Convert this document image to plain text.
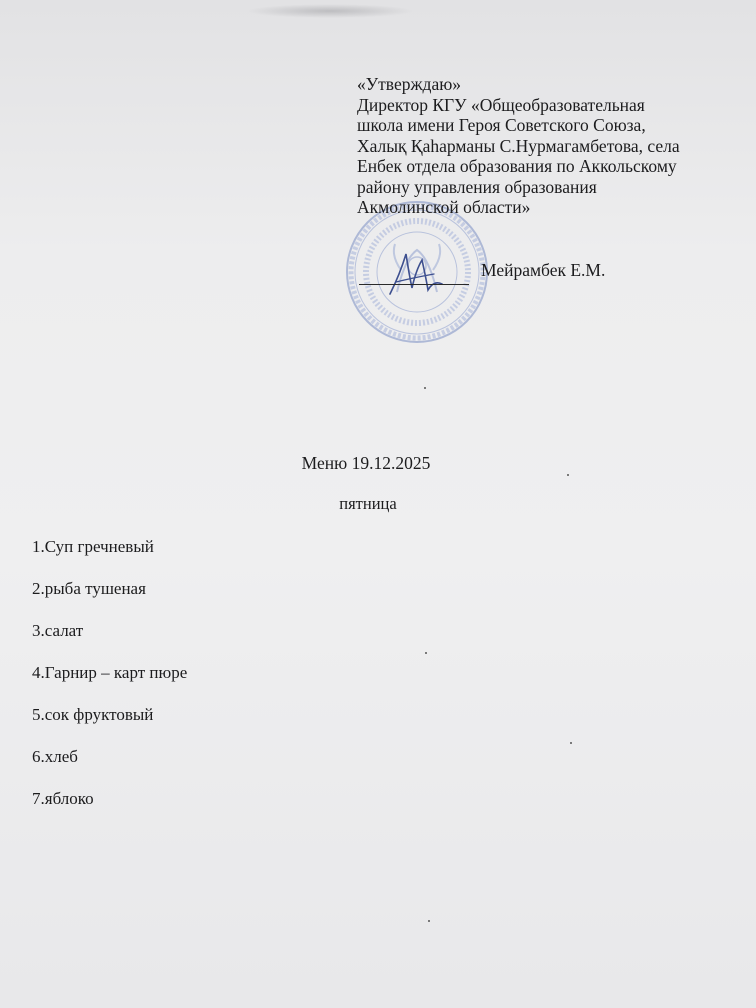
«Утверждаю»
Директор КГУ «Общеобразовательная
школа имени Героя Советского Союза,
Халық Қаһарманы С.Нурмагамбетова, села
Енбек отдела образования по Аккольскому
району управления образования
Акмолинской области»
Мейрамбек Е.М.
Меню 19.12.2025
пятница
1.Суп гречневый
2.рыба тушеная
3.салат
4.Гарнир – карт пюре
5.сок фруктовый
6.хлеб
7.яблоко
